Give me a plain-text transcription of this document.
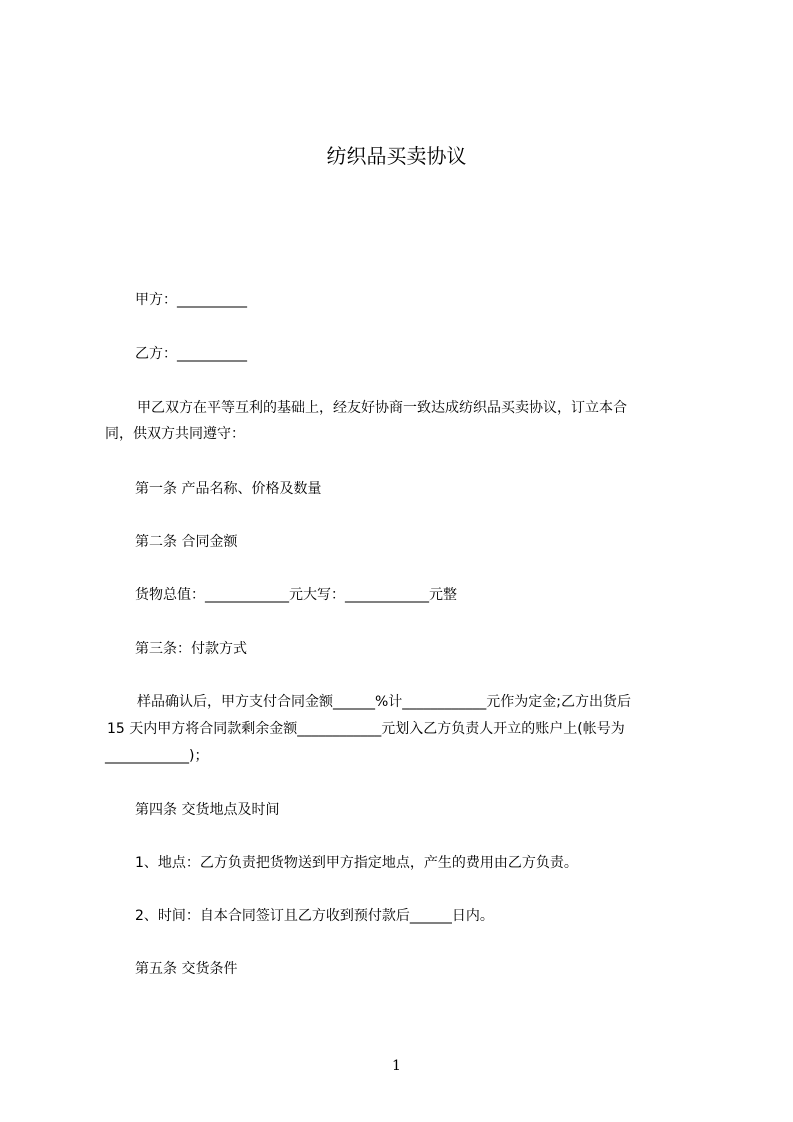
纺织品买卖协议
甲方：__________
乙方：__________
甲乙双方在平等互利的基础上，经友好协商一致达成纺织品买卖协议，订立本合
同，供双方共同遵守：
第一条 产品名称、价格及数量
第二条 合同金额
货物总值：____________元大写：____________元整
第三条：付款方式
样品确认后，甲方支付合同金额______%计____________元作为定金;乙方出货后
15 天内甲方将合同款剩余金额____________元划入乙方负责人开立的账户上(帐号为
____________)；
第四条 交货地点及时间
1、地点：乙方负责把货物送到甲方指定地点，产生的费用由乙方负责。
2、时间：自本合同签订且乙方收到预付款后______日内。
第五条 交货条件
1
